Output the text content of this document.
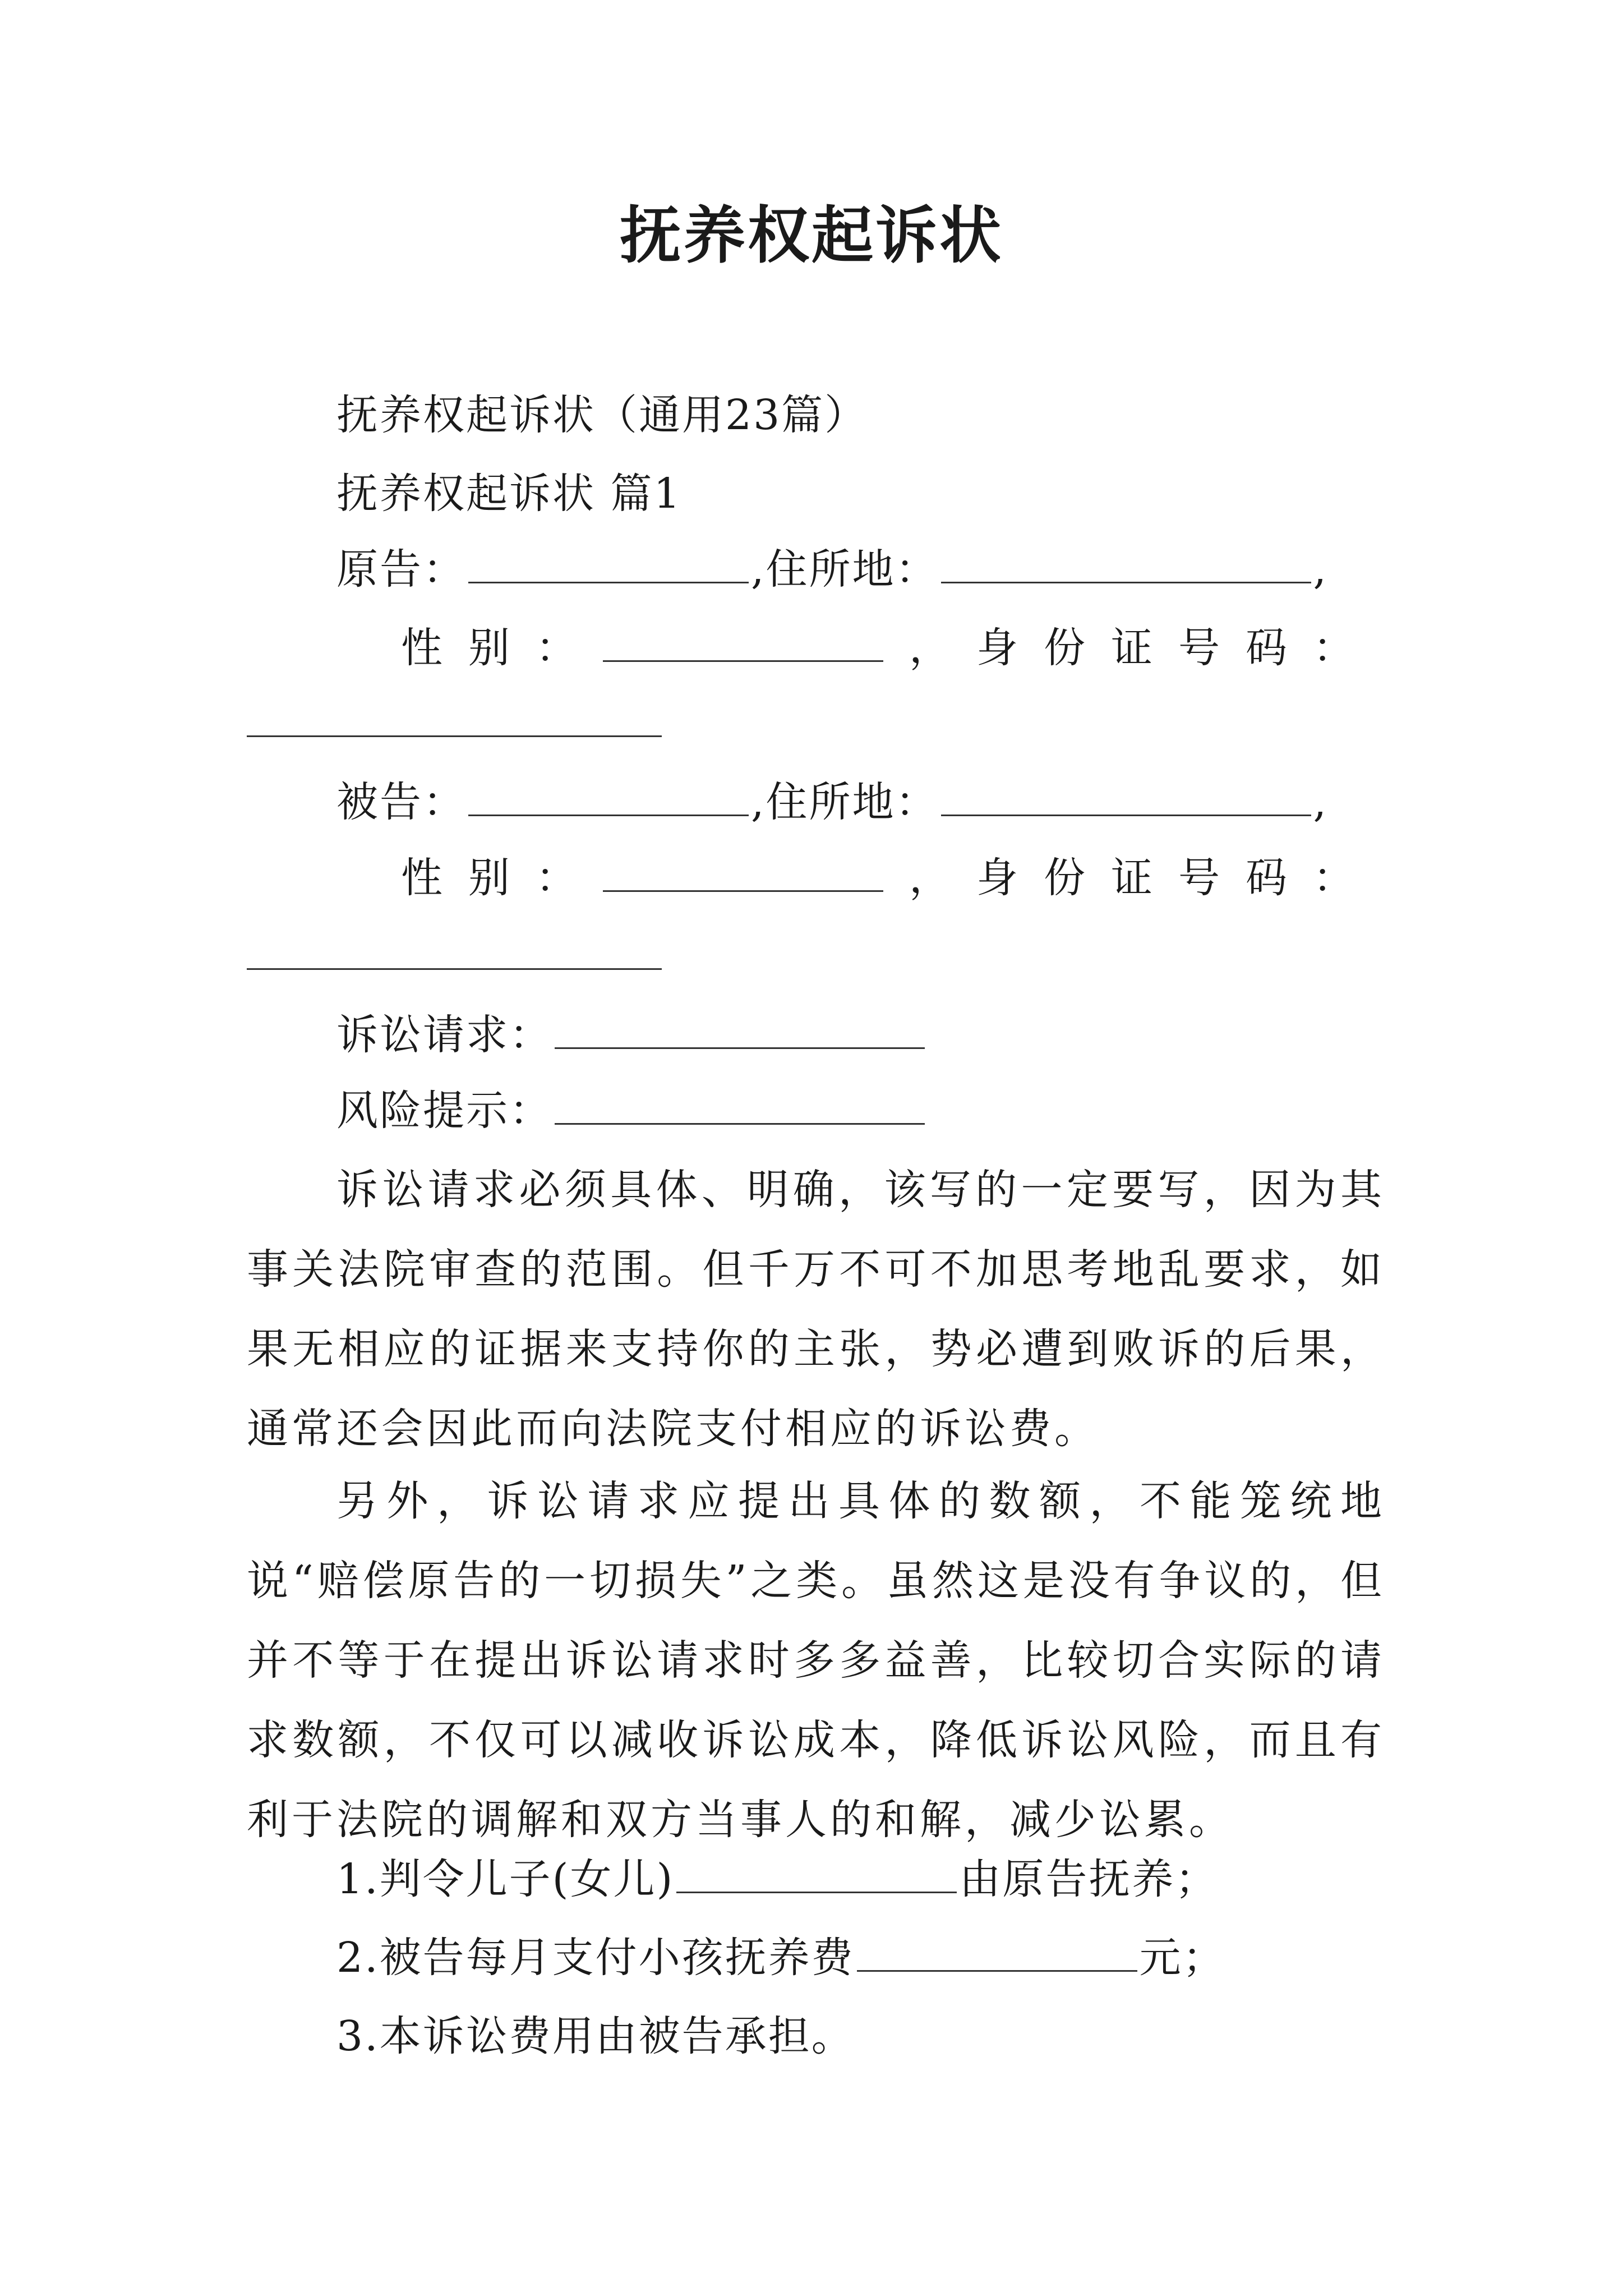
抚养权起诉状
抚养权起诉状（通用23篇）
抚养权起诉状 篇1
原告：	,住所地：	,
性 别 ：	， 身 份 证 号 码 ：
被告：	,住所地：	,
性 别 ：	， 身 份 证 号 码 ：
诉讼请求：
风险提示：
诉讼请求必须具体、明确，该写的一定要写，因为其事关法院审查的范围。但千万不可不加思考地乱要求，如果无相应的证据来支持你的主张，势必遭到败诉的后果，通常还会因此而向法院支付相应的诉讼费。
另外，诉讼请求应提出具体的数额，不能笼统地说“赔偿原告的一切损失”之类。虽然这是没有争议的，但并不等于在提出诉讼请求时多多益善，比较切合实际的请求数额，不仅可以减收诉讼成本，降低诉讼风险，而且有利于法院的调解和双方当事人的和解，减少讼累。
1.判令儿子(女儿)	由原告抚养；
2.被告每月支付小孩抚养费	元；
3.本诉讼费用由被告承担。
